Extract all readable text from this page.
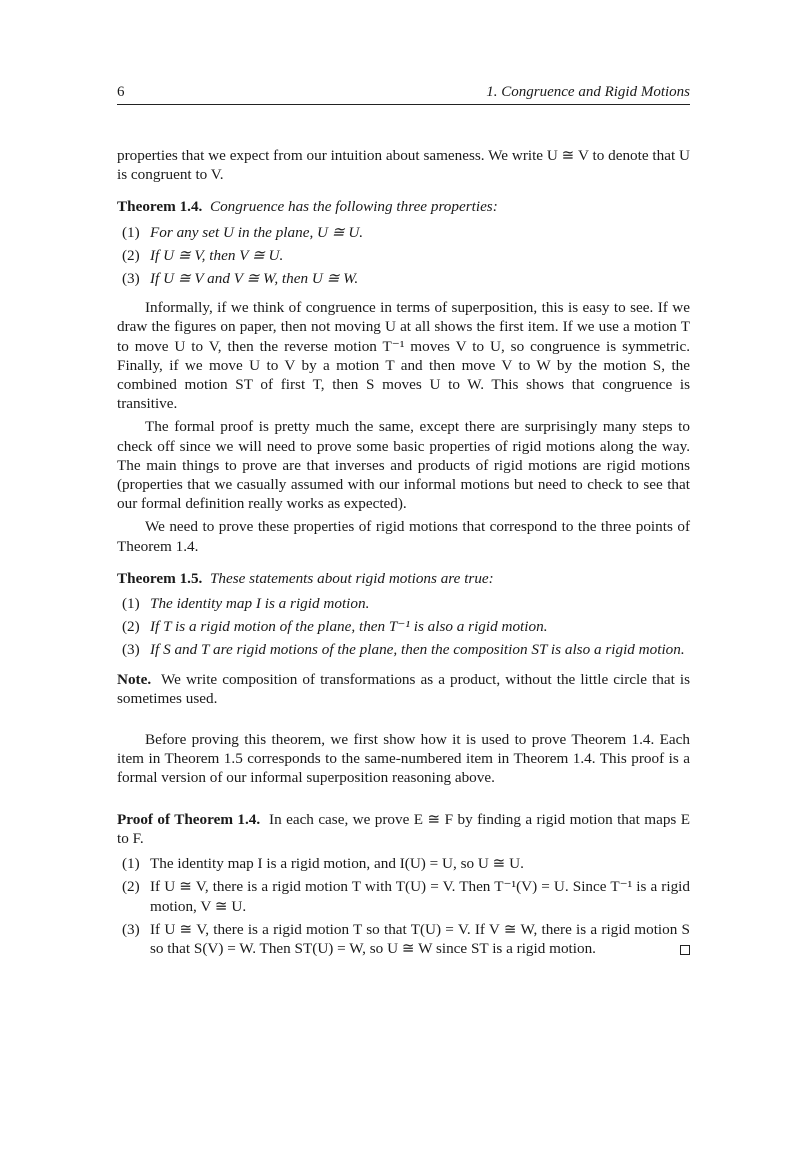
6	1. Congruence and Rigid Motions

properties that we expect from our intuition about sameness. We write U ≅ V to denote that U is congruent to V.

Theorem 1.4. Congruence has the following three properties:

(1) For any set U in the plane, U ≅ U.
(2) If U ≅ V, then V ≅ U.
(3) If U ≅ V and V ≅ W, then U ≅ W.

Informally, if we think of congruence in terms of superposition, this is easy to see. If we draw the figures on paper, then not moving U at all shows the first item. If we use a motion T to move U to V, then the reverse motion T⁻¹ moves V to U, so congruence is symmetric. Finally, if we move U to V by a motion T and then move V to W by the motion S, the combined motion ST of first T, then S moves U to W. This shows that congruence is transitive.

The formal proof is pretty much the same, except there are surprisingly many steps to check off since we will need to prove some basic properties of rigid motions along the way. The main things to prove are that inverses and products of rigid motions are rigid motions (properties that we casually assumed with our informal motions but need to check to see that our formal definition really works as expected).

We need to prove these properties of rigid motions that correspond to the three points of Theorem 1.4.

Theorem 1.5. These statements about rigid motions are true:

(1) The identity map I is a rigid motion.
(2) If T is a rigid motion of the plane, then T⁻¹ is also a rigid motion.
(3) If S and T are rigid motions of the plane, then the composition ST is also a rigid motion.

Note. We write composition of transformations as a product, without the little circle that is sometimes used.

Before proving this theorem, we first show how it is used to prove Theorem 1.4. Each item in Theorem 1.5 corresponds to the same-numbered item in Theorem 1.4. This proof is a formal version of our informal superposition reasoning above.

Proof of Theorem 1.4. In each case, we prove E ≅ F by finding a rigid motion that maps E to F.

(1) The identity map I is a rigid motion, and I(U) = U, so U ≅ U.
(2) If U ≅ V, there is a rigid motion T with T(U) = V. Then T⁻¹(V) = U. Since T⁻¹ is a rigid motion, V ≅ U.
(3) If U ≅ V, there is a rigid motion T so that T(U) = V. If V ≅ W, there is a rigid motion S so that S(V) = W. Then ST(U) = W, so U ≅ W since ST is a rigid motion.
